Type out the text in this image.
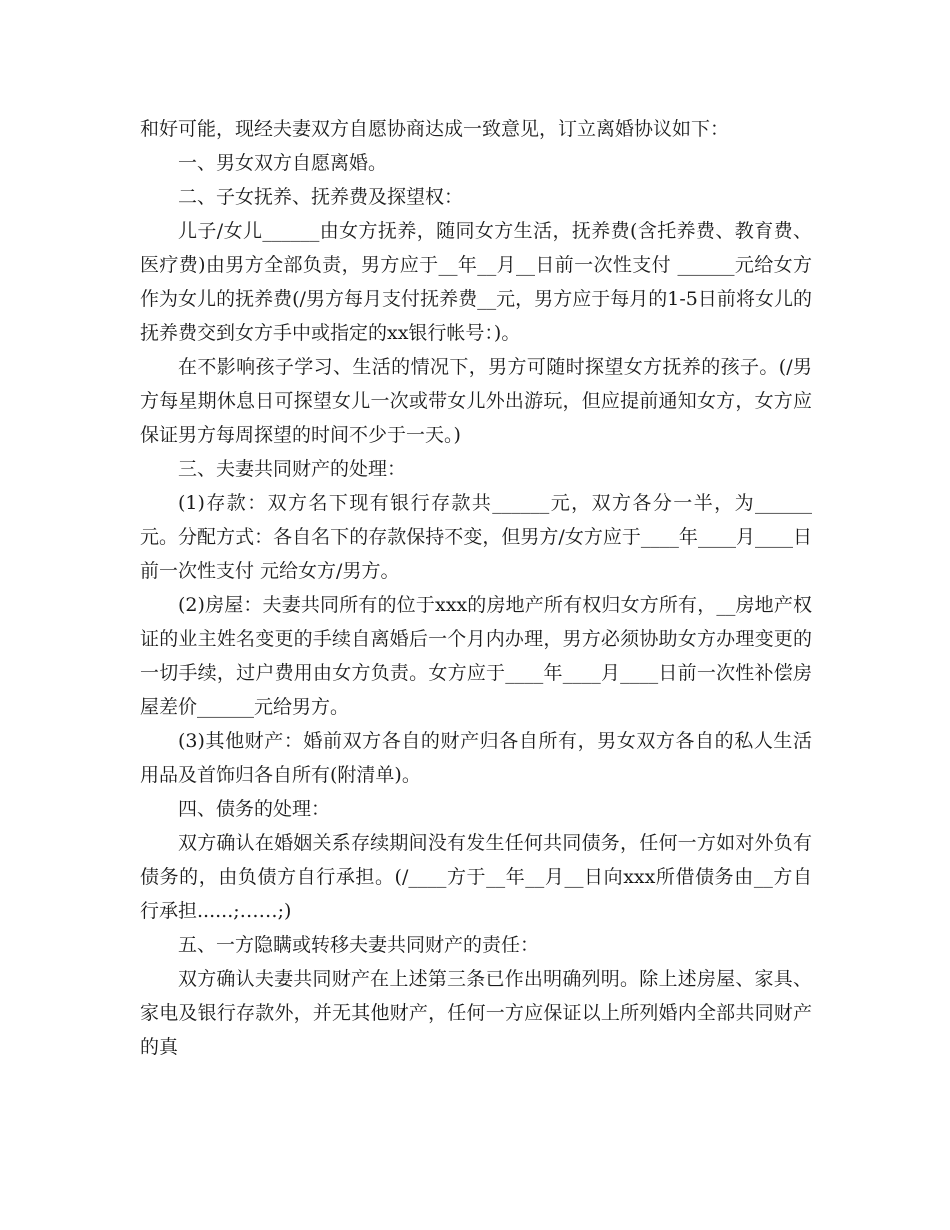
和好可能，现经夫妻双方自愿协商达成一致意见，订立离婚协议如下：

一、男女双方自愿离婚。

二、子女抚养、抚养费及探望权：

儿子/女儿______由女方抚养，随同女方生活，抚养费(含托养费、教育费、医疗费)由男方全部负责，男方应于__年__月__日前一次性支付 ______元给女方作为女儿的抚养费(/男方每月支付抚养费__元，男方应于每月的1-5日前将女儿的抚养费交到女方手中或指定的xx银行帐号：)。

在不影响孩子学习、生活的情况下，男方可随时探望女方抚养的孩子。(/男方每星期休息日可探望女儿一次或带女儿外出游玩，但应提前通知女方，女方应保证男方每周探望的时间不少于一天。)

三、夫妻共同财产的处理：

(1)存款：双方名下现有银行存款共______元，双方各分一半，为______元。分配方式：各自名下的存款保持不变，但男方/女方应于____年____月____日前一次性支付 元给女方/男方。

(2)房屋：夫妻共同所有的位于xxx的房地产所有权归女方所有，__房地产权证的业主姓名变更的手续自离婚后一个月内办理，男方必须协助女方办理变更的一切手续，过户费用由女方负责。女方应于____年____月____日前一次性补偿房屋差价______元给男方。

(3)其他财产：婚前双方各自的财产归各自所有，男女双方各自的私人生活用品及首饰归各自所有(附清单)。

四、债务的处理：

双方确认在婚姻关系存续期间没有发生任何共同债务，任何一方如对外负有债务的，由负债方自行承担。(/____方于__年__月__日向xxx所借债务由__方自行承担......;……;)

五、一方隐瞒或转移夫妻共同财产的责任：

双方确认夫妻共同财产在上述第三条已作出明确列明。除上述房屋、家具、家电及银行存款外，并无其他财产，任何一方应保证以上所列婚内全部共同财产的真
